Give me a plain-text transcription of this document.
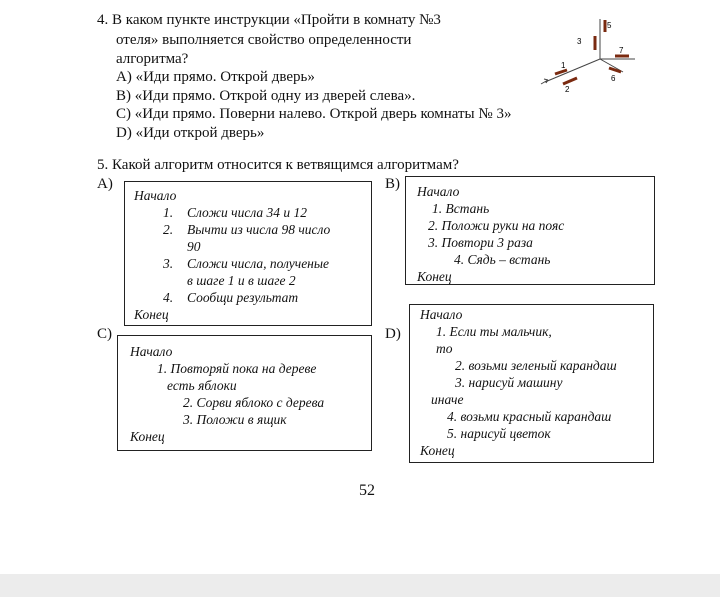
4. В каком пункте инструкции «Пройти в комнату №3
отеля» выполняется свойство определенности
алгоритма?
А) «Иди прямо. Открой дверь»
В) «Иди прямо. Открой одну из дверей слева».
С) «Иди прямо. Поверни налево. Открой дверь комнаты № 3»
D) «Иди открой дверь»
1
2
3
5
6
7
5. Какой алгоритм относится к ветвящимся алгоритмам?
А)
Начало
1. Сложи числа 34 и 12
2. Вычти из числа 98 число
90
3. Сложи числа, полученые
в шаге 1 и в шаге 2
4. Сообщи результат
Конец
В) Начало
1. Встань
2. Положи руки на пояс
3. Повтори 3 раза
4. Сядь – встань
Конец
С)
Начало
1. Повторяй пока на дереве
есть яблоки
2. Сорви яблоко с дерева
3. Положи в ящик
Конец
D)
Начало
1. Если ты мальчик,
то
2. возьми зеленый карандаш
3. нарисуй машину
иначе
4. возьми красный карандаш
5. нарисуй цветок
Конец
52
